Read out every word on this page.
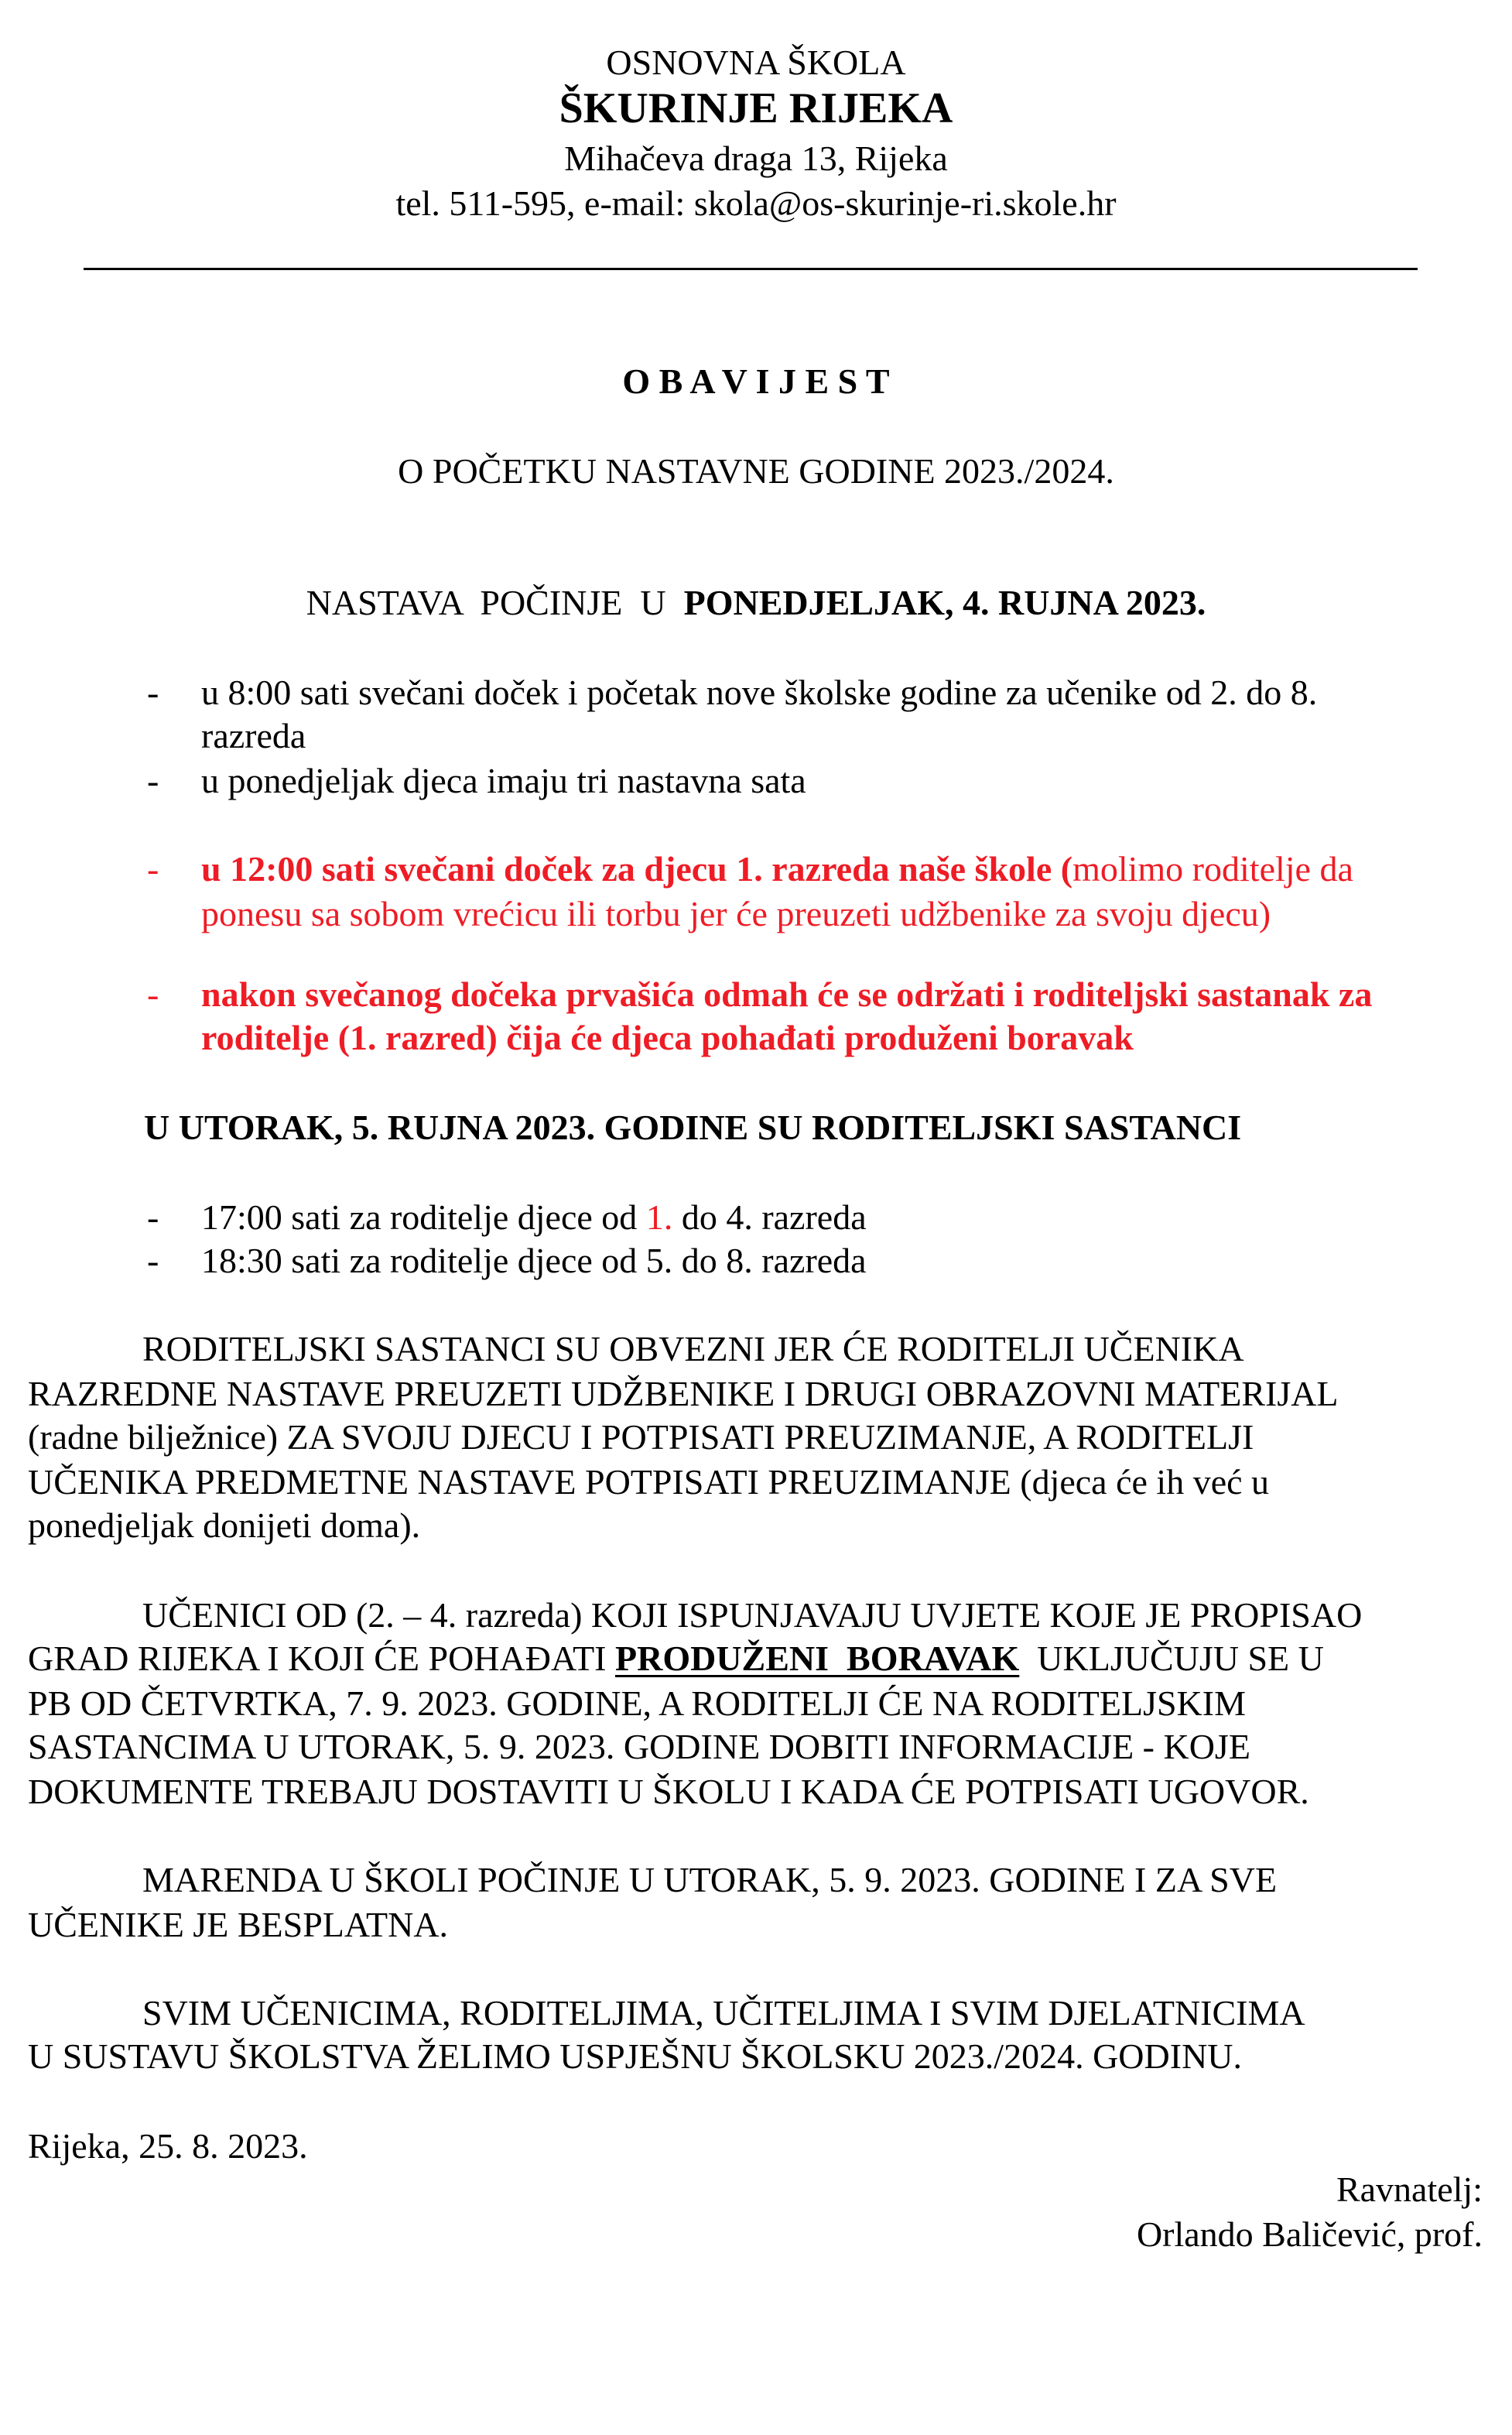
OSNOVNA ŠKOLA
ŠKURINJE RIJEKA
Mihačeva draga 13, Rijeka
tel. 511-595, e-mail: skola@os-skurinje-ri.skole.hr
O B A V I J E S T
O POČETKU NASTAVNE GODINE 2023./2024.
NASTAVA  POČINJE  U  PONEDJELJAK, 4. RUJNA 2023.
- u 8:00 sati svečani doček i početak nove školske godine za učenike od 2. do 8.
razreda
- u ponedjeljak djeca imaju tri nastavna sata
- u 12:00 sati svečani doček za djecu 1. razreda naše škole (molimo roditelje da
ponesu sa sobom vrećicu ili torbu jer će preuzeti udžbenike za svoju djecu)
- nakon svečanog dočeka prvašića odmah će se održati i roditeljski sastanak za
roditelje (1. razred) čija će djeca pohađati produženi boravak
U UTORAK, 5. RUJNA 2023. GODINE SU RODITELJSKI SASTANCI
- 17:00 sati za roditelje djece od 1. do 4. razreda
- 18:30 sati za roditelje djece od 5. do 8. razreda
RODITELJSKI SASTANCI SU OBVEZNI JER ĆE RODITELJI UČENIKA
RAZREDNE NASTAVE PREUZETI UDŽBENIKE I DRUGI OBRAZOVNI MATERIJAL
(radne bilježnice) ZA SVOJU DJECU I POTPISATI PREUZIMANJE, A RODITELJI
UČENIKA PREDMETNE NASTAVE POTPISATI PREUZIMANJE (djeca će ih već u
ponedjeljak donijeti doma).
UČENICI OD (2. – 4. razreda) KOJI ISPUNJAVAJU UVJETE KOJE JE PROPISAO
GRAD RIJEKA I KOJI ĆE POHAĐATI PRODUŽENI  BORAVAK  UKLJUČUJU SE U
PB OD ČETVRTKA, 7. 9. 2023. GODINE, A RODITELJI ĆE NA RODITELJSKIM
SASTANCIMA U UTORAK, 5. 9. 2023. GODINE DOBITI INFORMACIJE - KOJE
DOKUMENTE TREBAJU DOSTAVITI U ŠKOLU I KADA ĆE POTPISATI UGOVOR.
MARENDA U ŠKOLI POČINJE U UTORAK, 5. 9. 2023. GODINE I ZA SVE
UČENIKE JE BESPLATNA.
SVIM UČENICIMA, RODITELJIMA, UČITELJIMA I SVIM DJELATNICIMA
U SUSTAVU ŠKOLSTVA ŽELIMO USPJEŠNU ŠKOLSKU 2023./2024. GODINU.
Rijeka, 25. 8. 2023.
Ravnatelj:
Orlando Baličević, prof.
